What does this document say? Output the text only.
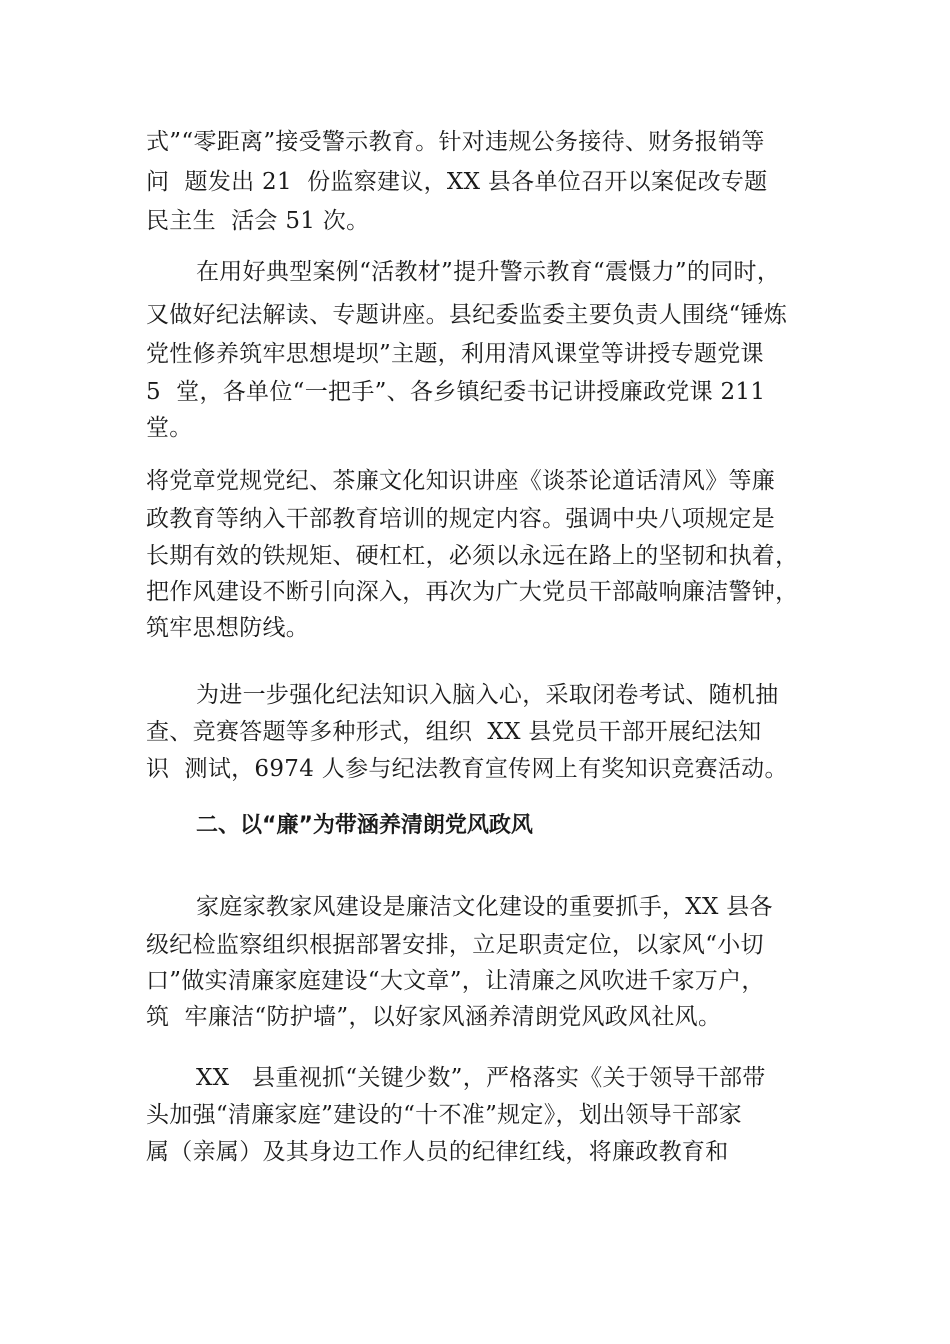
式”“零距离”接受警示教育。针对违规公务接待、财务报销等
问  题发出 21  份监察建议，XX 县各单位召开以案促改专题
民主生  活会 51 次。
在用好典型案例“活教材”提升警示教育“震慑力”的同时，
又做好纪法解读、专题讲座。县纪委监委主要负责人围绕“锤炼
党性修养筑牢思想堤坝”主题，利用清风课堂等讲授专题党课
5  堂，各单位“一把手”、各乡镇纪委书记讲授廉政党课 211
堂。
将党章党规党纪、茶廉文化知识讲座《谈茶论道话清风》等廉
政教育等纳入干部教育培训的规定内容。强调中央八项规定是
长期有效的铁规矩、硬杠杠，必须以永远在路上的坚韧和执着，
把作风建设不断引向深入，再次为广大党员干部敲响廉洁警钟，
筑牢思想防线。
为进一步强化纪法知识入脑入心，采取闭卷考试、随机抽
查、竞赛答题等多种形式，组织  XX 县党员干部开展纪法知
识  测试，6974 人参与纪法教育宣传网上有奖知识竞赛活动。
二、以“廉”为带涵养清朗党风政风
家庭家教家风建设是廉洁文化建设的重要抓手，XX 县各
级纪检监察组织根据部署安排，立足职责定位，以家风“小切
口”做实清廉家庭建设“大文章”，让清廉之风吹进千家万户，
筑  牢廉洁“防护墙”，以好家风涵养清朗党风政风社风。
XX   县重视抓“关键少数”，严格落实《关于领导干部带
头加强“清廉家庭”建设的“十不准”规定》，划出领导干部家
属（亲属）及其身边工作人员的纪律红线，将廉政教育和
